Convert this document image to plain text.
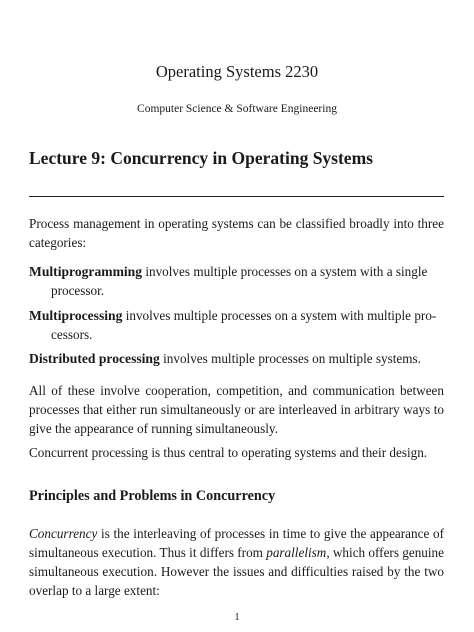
Operating Systems 2230
Computer Science & Software Engineering
Lecture 9: Concurrency in Operating Systems
Process management in operating systems can be classified broadly into three categories:
Multiprogramming involves multiple processes on a system with a single
processor.
Multiprocessing involves multiple processes on a system with multiple pro-
cessors.
Distributed processing involves multiple processes on multiple systems.
All of these involve cooperation, competition, and communication between processes that either run simultaneously or are interleaved in arbitrary ways to give the appearance of running simultaneously.
Concurrent processing is thus central to operating systems and their design.
Principles and Problems in Concurrency
Concurrency is the interleaving of processes in time to give the appearance of simultaneous execution. Thus it differs from parallelism, which offers genuine simultaneous execution. However the issues and difficulties raised by the two overlap to a large extent:
1
